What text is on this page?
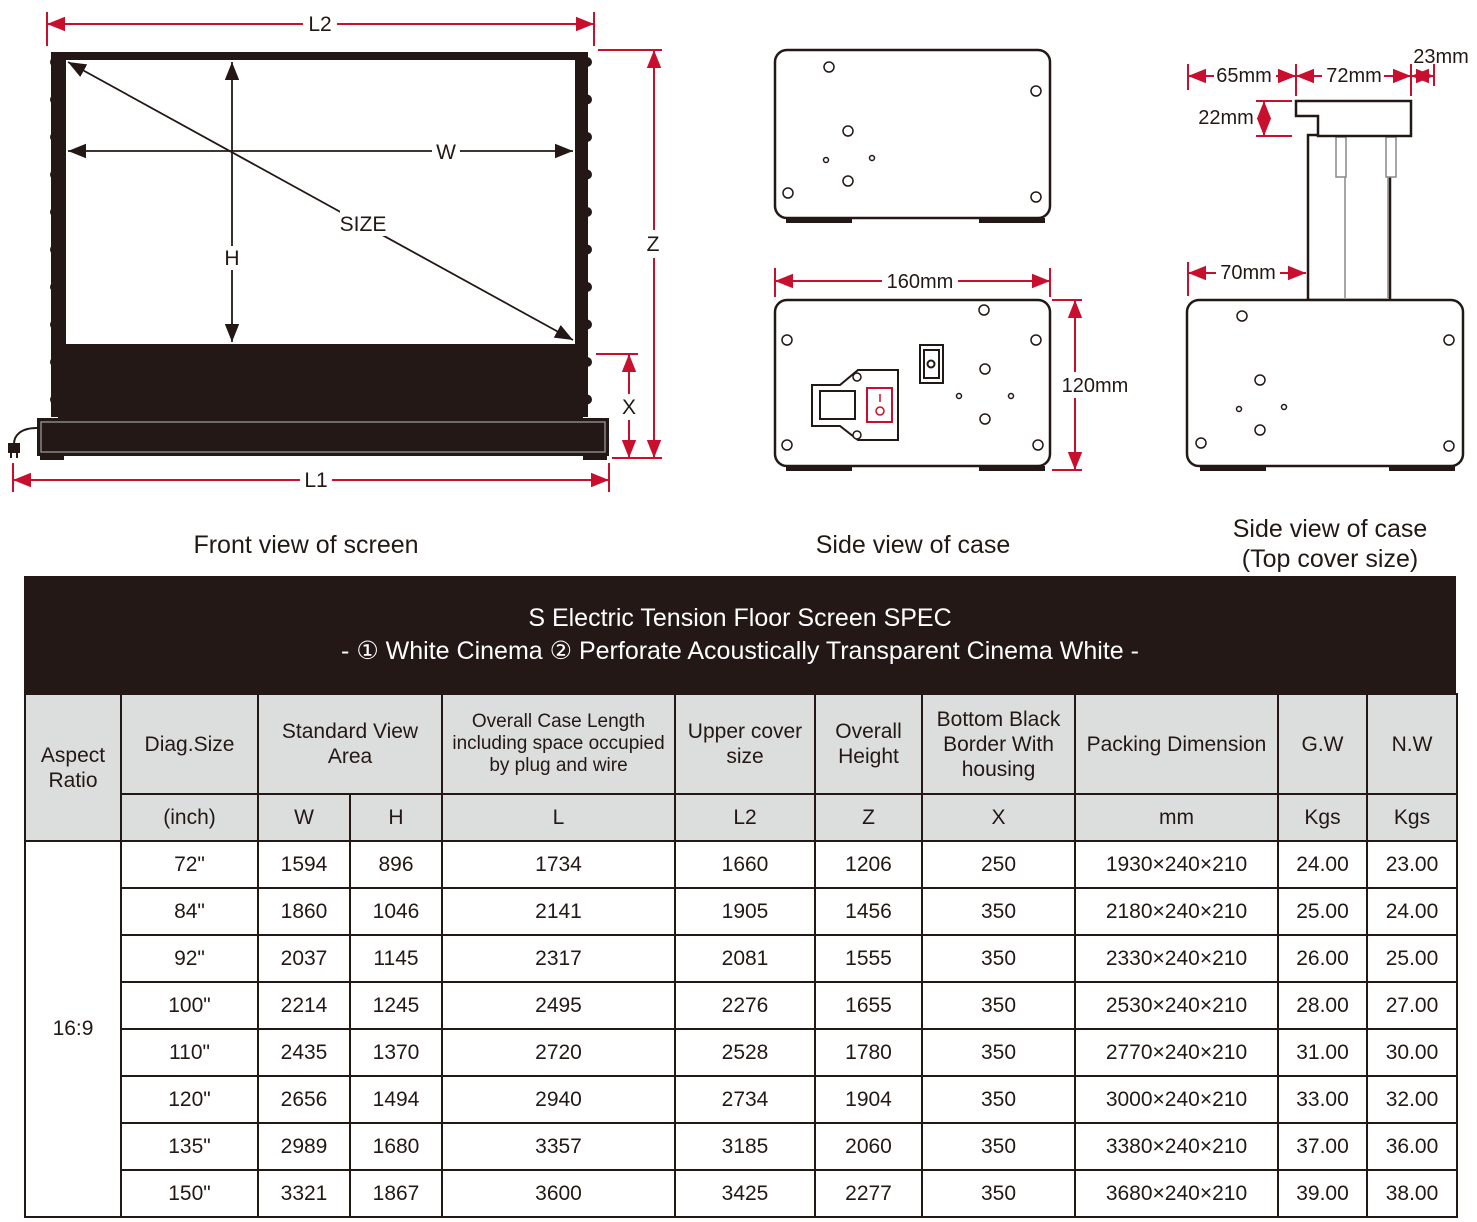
W
SIZE
H
L2
L1
Z
X
160mm
120mm
65mm	72mm
23mm
22mm
70mm
Front view of screen	Side view of case
Side view of case
(Top cover size)
S Electric Tension Floor Screen SPEC
- ① White Cinema ② Perforate Acoustically Transparent Cinema White -
Aspect Ratio	Diag.Size	Standard View Area		Overall Case Length including space occupied by plug and wire	Upper cover size	Overall Height	Bottom Black Border With housing	Packing Dimension	G.W	N.W
	(inch)	W	H	L	L2	Z	X	mm	Kgs	Kgs
16:9	72"	1594	896	1734	1660	1206	250	1930×240×210	24.00	23.00
	84"	1860	1046	2141	1905	1456	350	2180×240×210	25.00	24.00
	92"	2037	1145	2317	2081	1555	350	2330×240×210	26.00	25.00
	100"	2214	1245	2495	2276	1655	350	2530×240×210	28.00	27.00
	110"	2435	1370	2720	2528	1780	350	2770×240×210	31.00	30.00
	120"	2656	1494	2940	2734	1904	350	3000×240×210	33.00	32.00
	135"	2989	1680	3357	3185	2060	350	3380×240×210	37.00	36.00
	150"	3321	1867	3600	3425	2277	350	3680×240×210	39.00	38.00
